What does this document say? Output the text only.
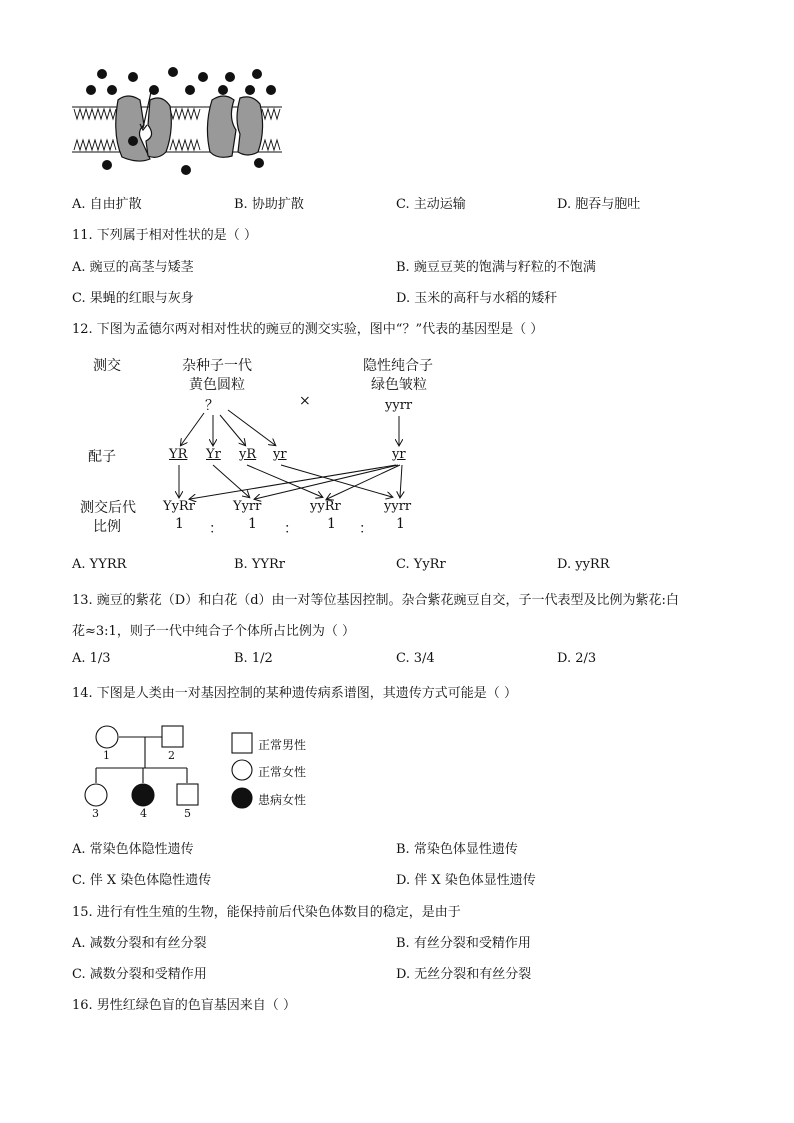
A. 自由扩散	B. 协助扩散	C. 主动运输	D. 胞吞与胞吐
11. 下列属于相对性状的是（ ）
A. 豌豆的高茎与矮茎	B. 豌豆豆荚的饱满与籽粒的不饱满
C. 果蝇的红眼与灰身	D. 玉米的高秆与水稻的矮秆
12. 下图为孟德尔两对相对性状的豌豆的测交实验，图中“？”代表的基因型是（ ）
测交	杂种子一代
黄色圆粒
？	×
隐性纯合子
绿色皱粒
yyrr
配子	YR Yr yR yr	yr
测交后代
比例
YyRr	Yyrr	yyRr	yyrr
1 ： 1 ： 1 ： 1
A. YYRR	B. YYRr	C. YyRr	D. yyRR
13. 豌豆的紫花（D）和白花（d）由一对等位基因控制。杂合紫花豌豆自交，子一代表型及比例为紫花:白
花≈3:1，则子一代中纯合子个体所占比例为（ ）
A. 1/3	B. 1/2	C. 3/4	D. 2/3
14. 下图是人类由一对基因控制的某种遗传病系谱图，其遗传方式可能是（ ）
1	2
3	4	5
正常男性
正常女性
患病女性
A. 常染色体隐性遗传	B. 常染色体显性遗传
C. 伴 X 染色体隐性遗传	D. 伴 X 染色体显性遗传
15. 进行有性生殖的生物，能保持前后代染色体数目的稳定，是由于
A. 减数分裂和有丝分裂	B. 有丝分裂和受精作用
C. 减数分裂和受精作用	D. 无丝分裂和有丝分裂
16. 男性红绿色盲的色盲基因来自（ ）
